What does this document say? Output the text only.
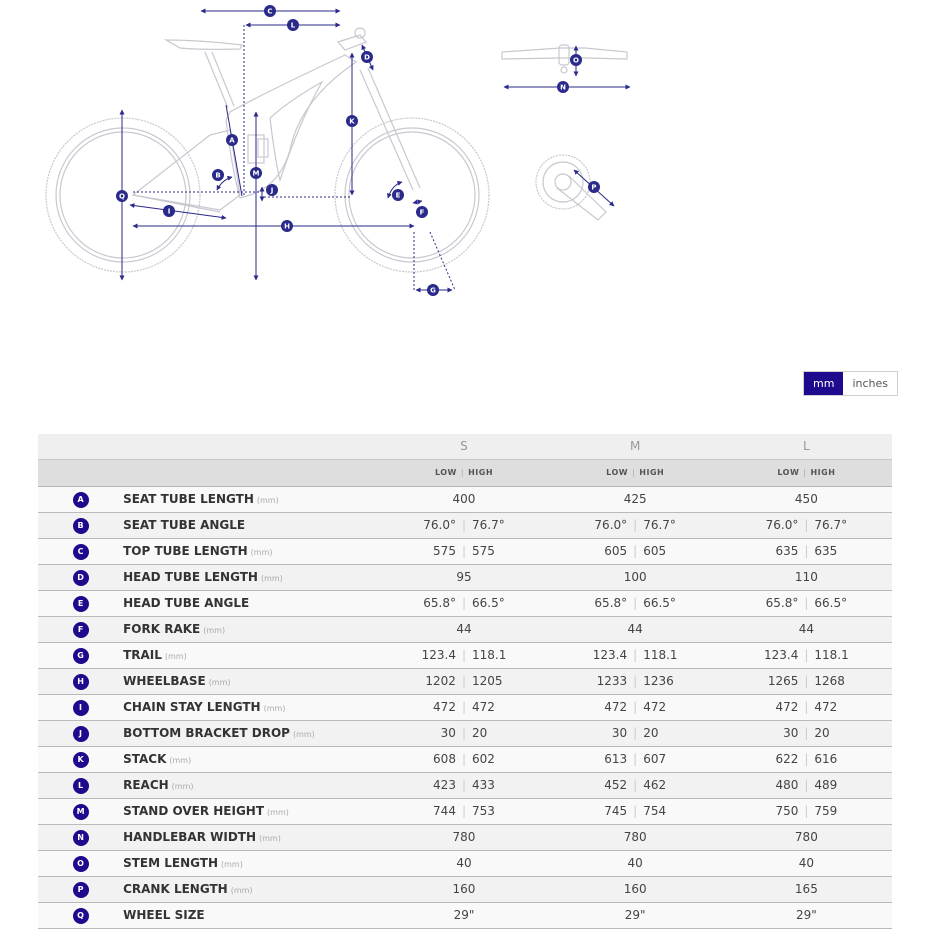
A
B
C
D
E
F
G
H
I
J
K
L
M
N
O
P
Q
mm	inches
		S	M	L
		LOW | HIGH	LOW | HIGH	LOW | HIGH
A	SEAT TUBE LENGTH (mm)	400	425	450
B	SEAT TUBE ANGLE	76.0° | 76.7°	76.0° | 76.7°	76.0° | 76.7°
C	TOP TUBE LENGTH (mm)	575 | 575	605 | 605	635 | 635
D	HEAD TUBE LENGTH (mm)	95	100	110
E	HEAD TUBE ANGLE	65.8° | 66.5°	65.8° | 66.5°	65.8° | 66.5°
F	FORK RAKE (mm)	44	44	44
G	TRAIL (mm)	123.4 | 118.1	123.4 | 118.1	123.4 | 118.1
H	WHEELBASE (mm)	1202 | 1205	1233 | 1236	1265 | 1268
I	CHAIN STAY LENGTH (mm)	472 | 472	472 | 472	472 | 472
J	BOTTOM BRACKET DROP (mm)	30 | 20	30 | 20	30 | 20
K	STACK (mm)	608 | 602	613 | 607	622 | 616
L	REACH (mm)	423 | 433	452 | 462	480 | 489
M	STAND OVER HEIGHT (mm)	744 | 753	745 | 754	750 | 759
N	HANDLEBAR WIDTH (mm)	780	780	780
O	STEM LENGTH (mm)	40	40	40
P	CRANK LENGTH (mm)	160	160	165
Q	WHEEL SIZE	29"	29"	29"
